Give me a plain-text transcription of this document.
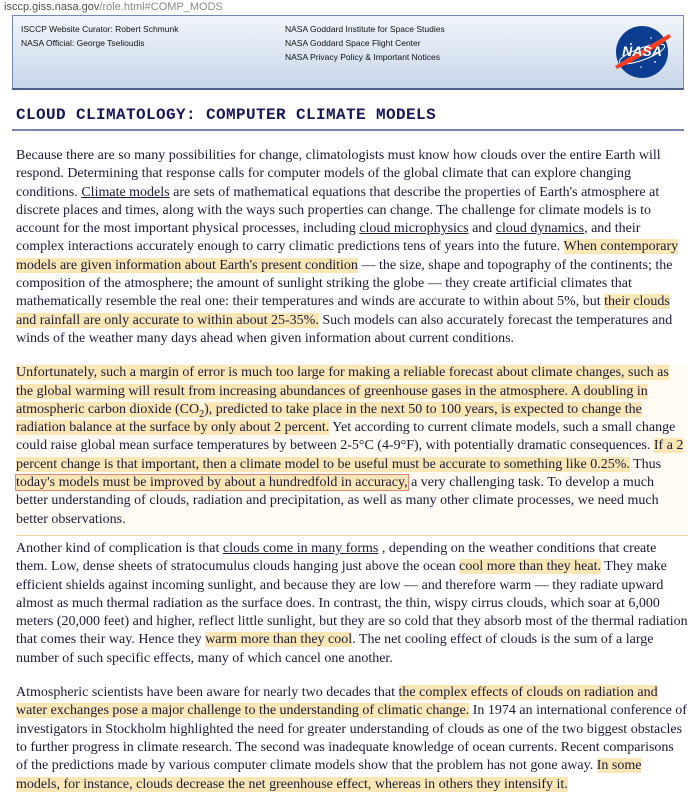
isccp.giss.nasa.gov/role.html#COMP_MODS
ISCCP Website Curator: Robert Schmunk
NASA Official: George Tselioudis
NASA Goddard Institute for Space Studies
NASA Goddard Space Flight Center
NASA Privacy Policy & Important Notices	NASA
CLOUD CLIMATOLOGY: COMPUTER CLIMATE MODELS

Because there are so many possibilities for change, climatologists must know how clouds over the entire Earth will respond. Determining that response calls for computer models of the global climate that can explore changing conditions. Climate models are sets of mathematical equations that describe the properties of Earth's atmosphere at discrete places and times, along with the ways such properties can change. The challenge for climate models is to account for the most important physical processes, including cloud microphysics and cloud dynamics, and their complex interactions accurately enough to carry climatic predictions tens of years into the future. When contemporary models are given information about Earth's present condition — the size, shape and topography of the continents; the composition of the atmosphere; the amount of sunlight striking the globe — they create artificial climates that mathematically resemble the real one: their temperatures and winds are accurate to within about 5%, but their clouds and rainfall are only accurate to within about 25-35%. Such models can also accurately forecast the temperatures and winds of the weather many days ahead when given information about current conditions.

Unfortunately, such a margin of error is much too large for making a reliable forecast about climate changes, such as the global warming will result from increasing abundances of greenhouse gases in the atmosphere. A doubling in atmospheric carbon dioxide $(CO_2)$, predicted to take place in the next 50 to 100 years, is expected to change the radiation balance at the surface by only about 2 percent. Yet according to current climate models, such a small change could raise global mean surface temperatures by between 2-5°C (4-9°F), with potentially dramatic consequences. If a 2 percent change is that important, then a climate model to be useful must be accurate to something like 0.25%. Thus today's models must be improved by about a hundredfold in accuracy, a very challenging task. To develop a much better understanding of clouds, radiation and precipitation, as well as many other climate processes, we need much better observations.

Another kind of complication is that clouds come in many forms , depending on the weather conditions that create them. Low, dense sheets of stratocumulus clouds hanging just above the ocean cool more than they heat. They make efficient shields against incoming sunlight, and because they are low — and therefore warm — they radiate upward almost as much thermal radiation as the surface does. In contrast, the thin, wispy cirrus clouds, which soar at 6,000 meters (20,000 feet) and higher, reflect little sunlight, but they are so cold that they absorb most of the thermal radiation that comes their way. Hence they warm more than they cool. The net cooling effect of clouds is the sum of a large number of such specific effects, many of which cancel one another.

Atmospheric scientists have been aware for nearly two decades that the complex effects of clouds on radiation and water exchanges pose a major challenge to the understanding of climatic change. In 1974 an international conference of investigators in Stockholm highlighted the need for greater understanding of clouds as one of the two biggest obstacles to further progress in climate research. The second was inadequate knowledge of ocean currents. Recent comparisons of the predictions made by various computer climate models show that the problem has not gone away. In some models, for instance, clouds decrease the net greenhouse effect, whereas in others they intensify it.
